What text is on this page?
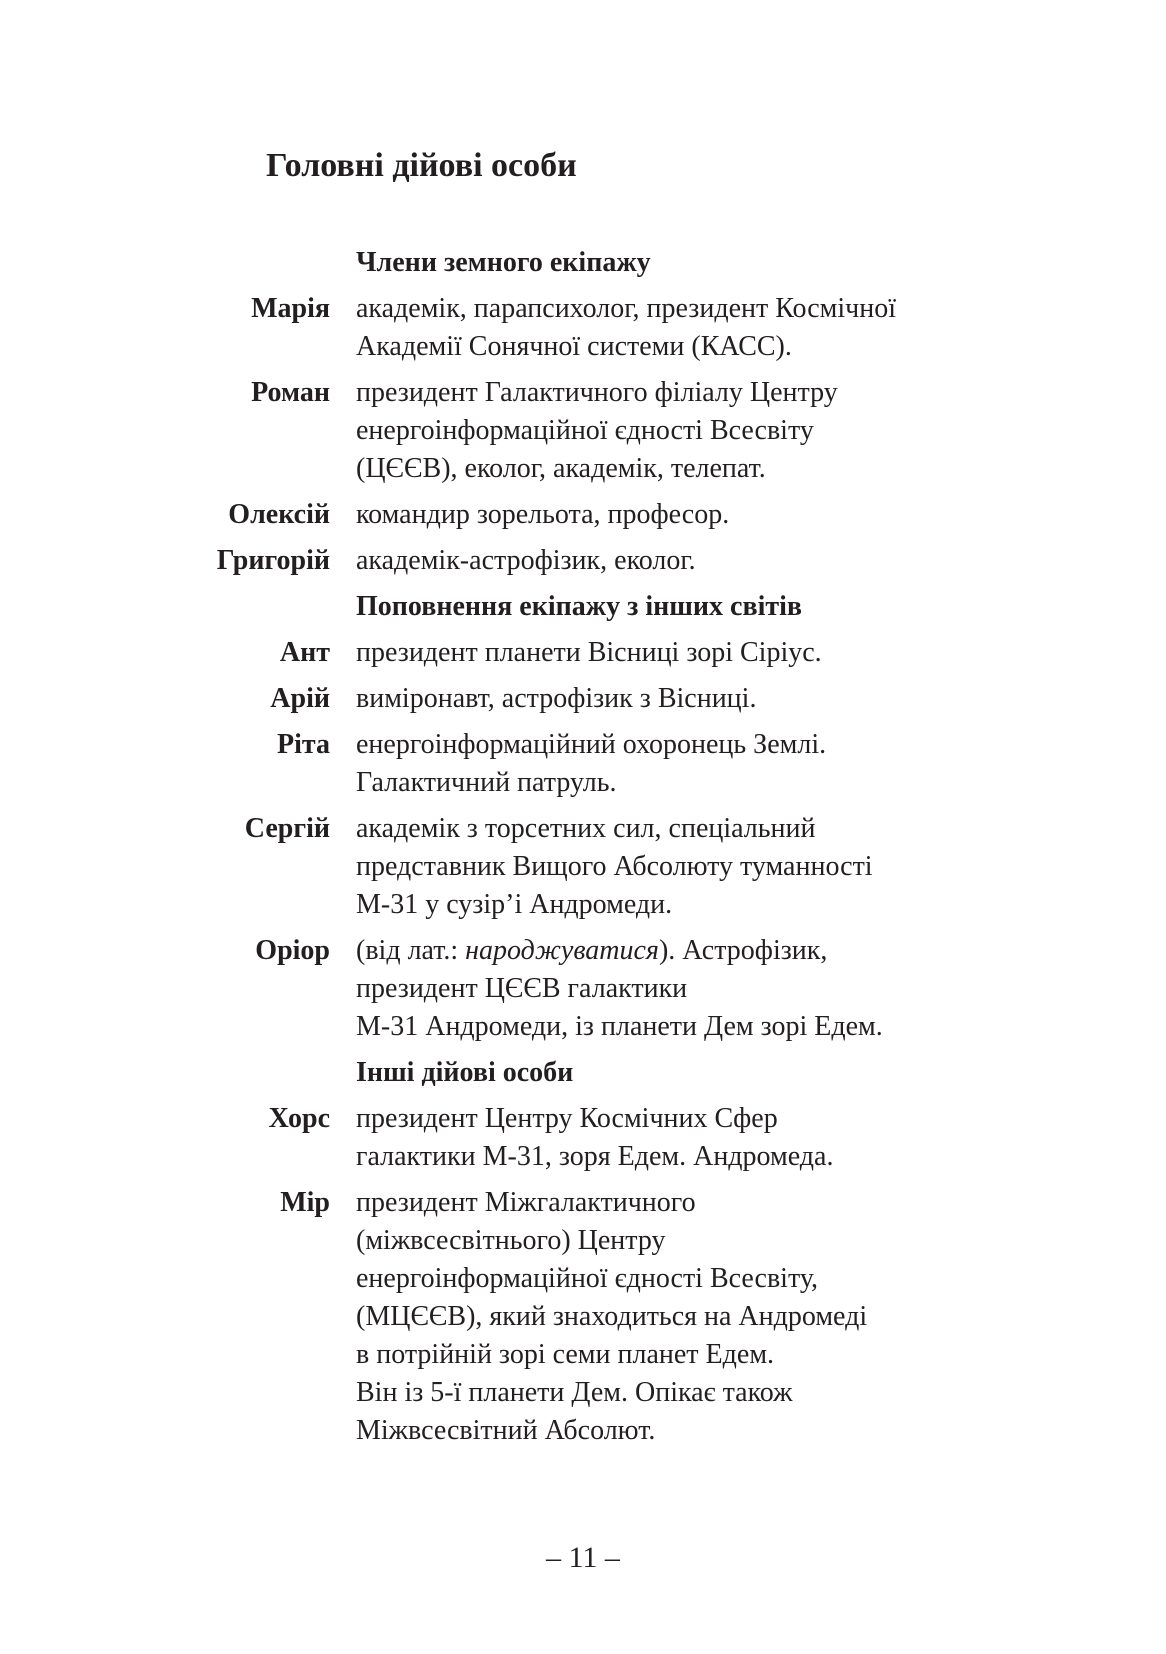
Головні дійові особи
Члени земного екіпажу
Марія академік, парапсихолог, президент Космічної
Академії Сонячної системи (КАСС).
Роман президент Галактичного філіалу Центру
енергоінформаційної єдності Всесвіту
(ЦЄЄВ), еколог, академік, телепат.
Олексій командир зорельота, професор.
Григорій академік-астрофізик, еколог.
Поповнення екіпажу з інших світів
Ант президент планети Вісниці зорі Сіріус.
Арій виміронавт, астрофізик з Вісниці.
Ріта енергоінформаційний охоронець Землі.
Галактичний патруль.
Сергій академік з торсетних сил, спеціальний
представник Вищого Абсолюту туманності
М-31 у сузір’і Андромеди.
Оріор (від лат.: народжуватися). Астрофізик,
президент ЦЄЄВ галактики
М-31 Андромеди, із планети Дем зорі Едем.
Інші дійові особи
Хорс президент Центру Космічних Сфер
галактики М-31, зоря Едем. Андромеда.
Мір президент Міжгалактичного
(міжвсесвітнього) Центру
енергоінформаційної єдності Всесвіту,
(МЦЄЄВ), який знаходиться на Андромеді
в потрійній зорі семи планет Едем.
Він із 5-ї планети Дем. Опікає також
Міжвсесвітний Абсолют.
– 11 –
